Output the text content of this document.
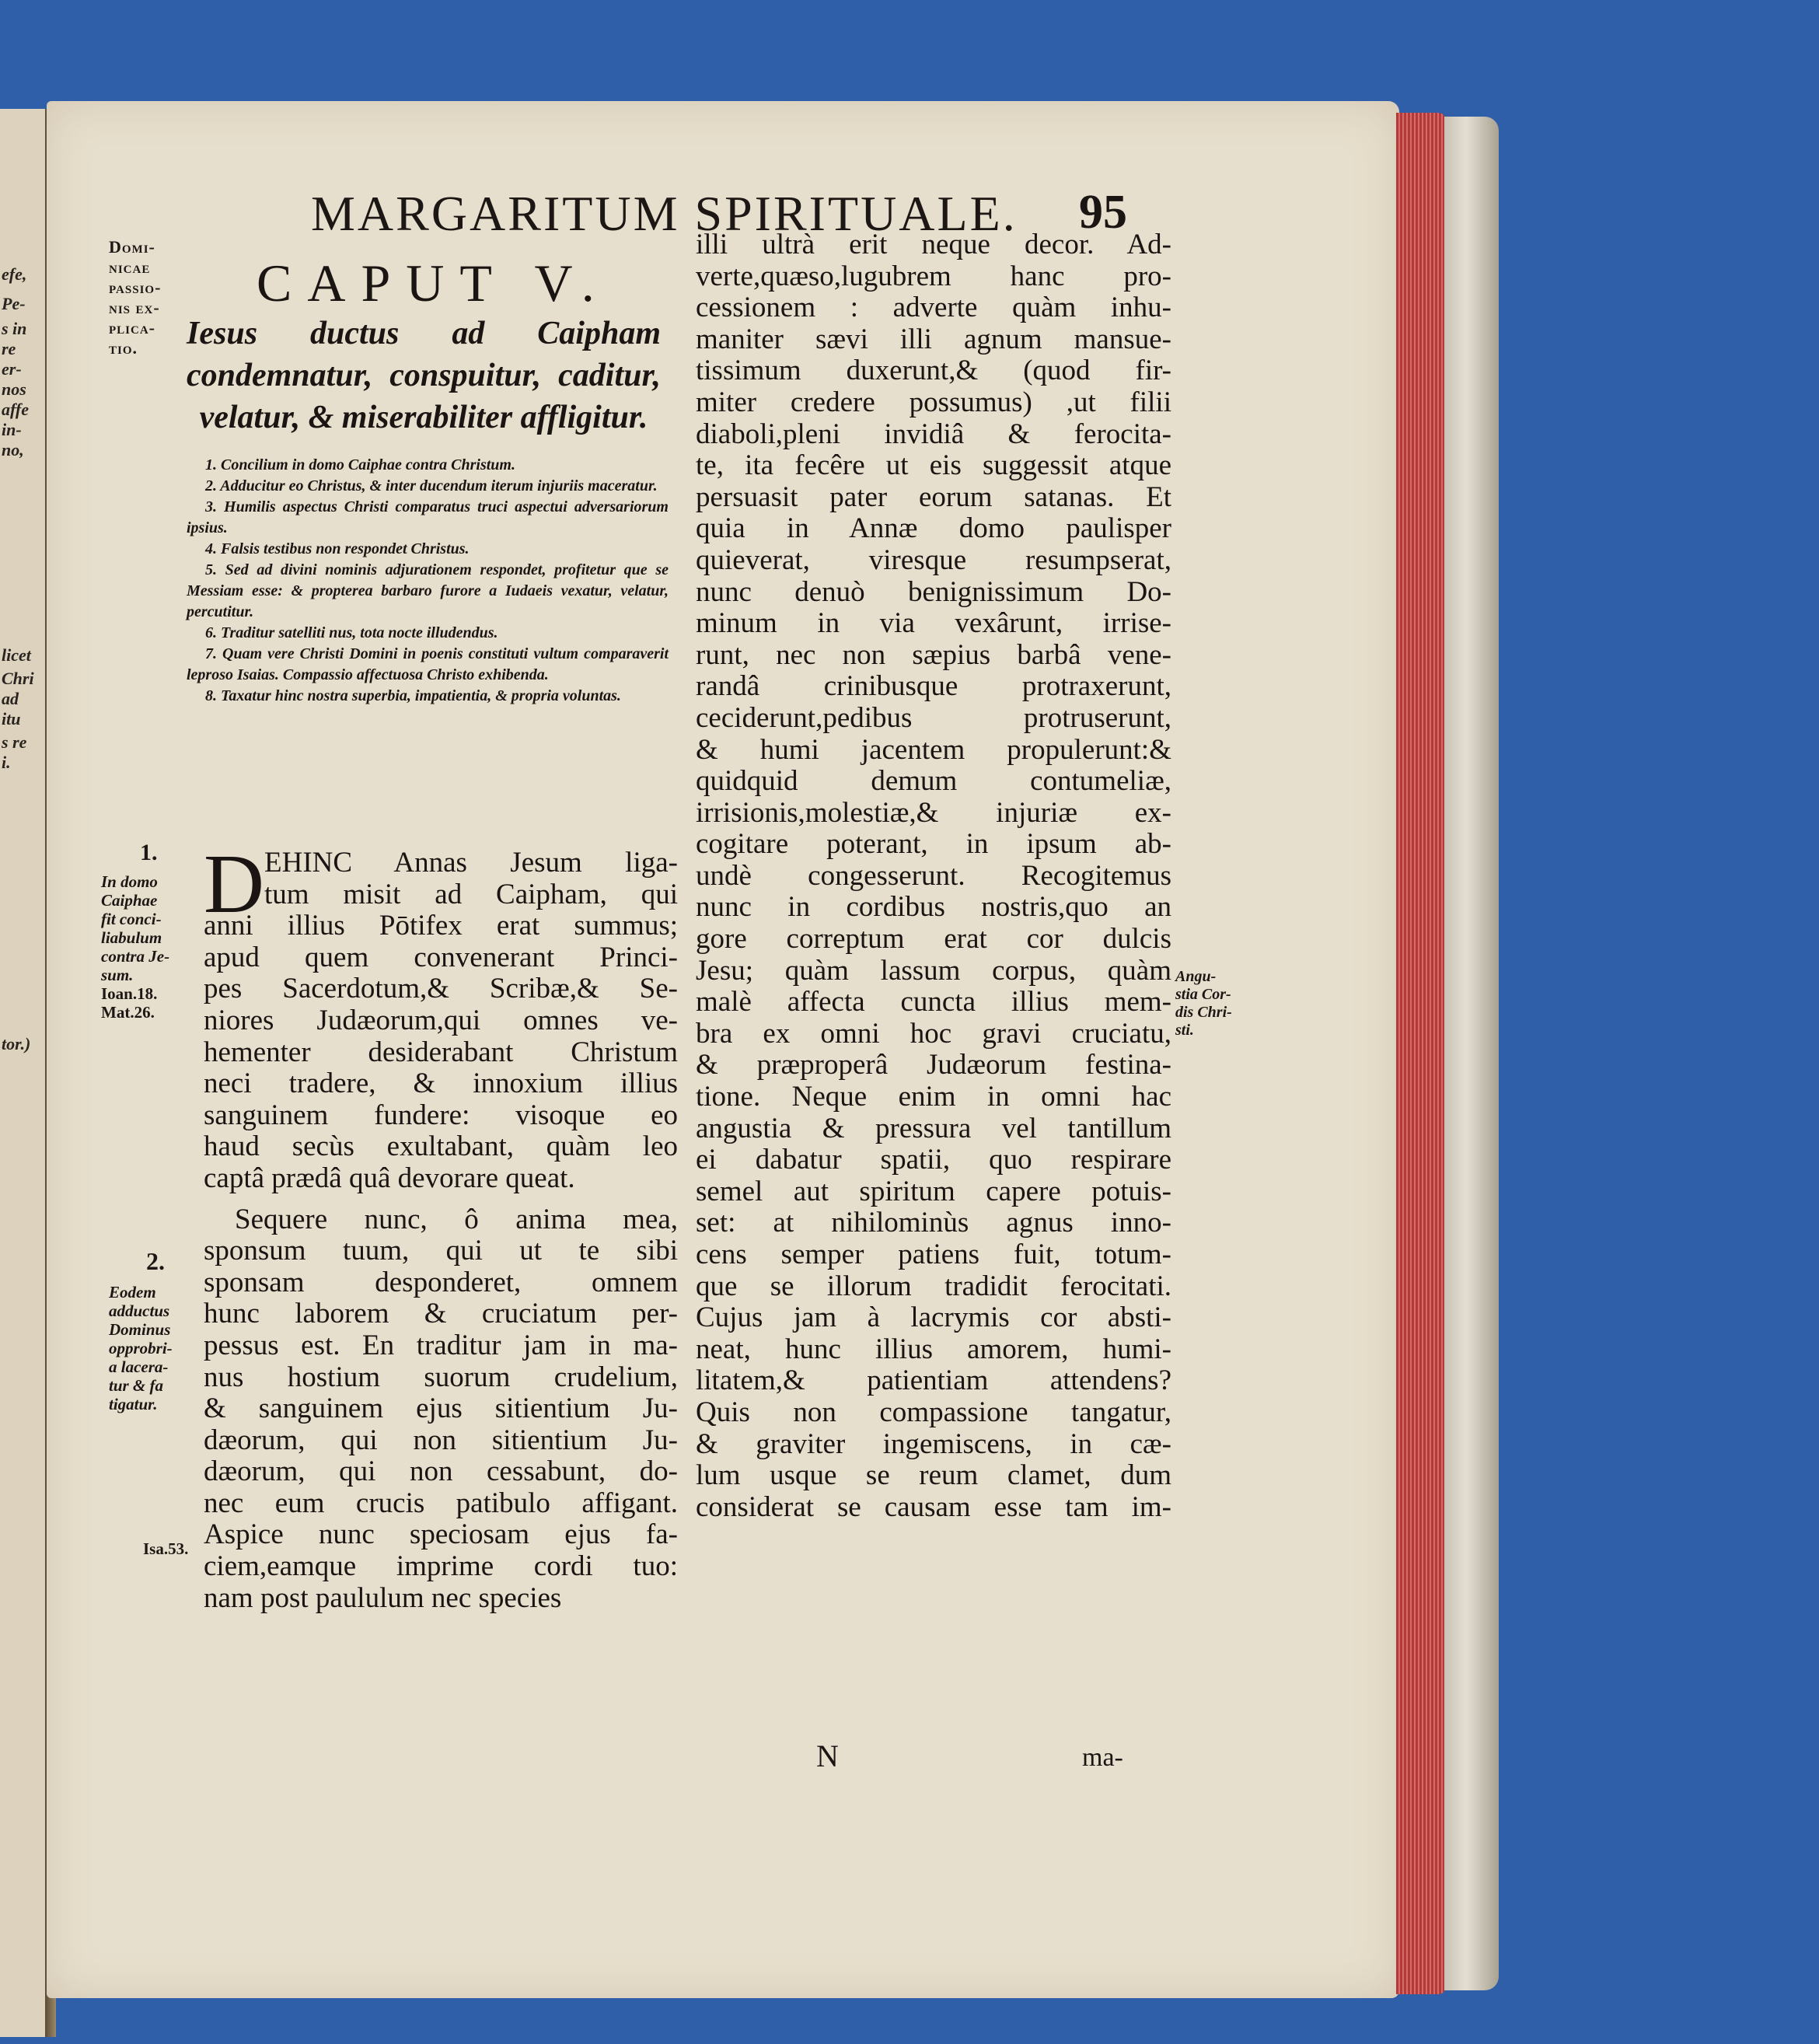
efe,
Pe-
s in
re
er-
nos
affe
in-
no,
licet
Chri
ad
itu
s re
i.
tor.)
MARGARITUM SPIRITUALE.	95
Domi-
nicae
passio-
nis ex-
plica-
tio.
CAPUT V.
Iesus ductus ad Caipham condemnatur, conspuitur, caditur, velatur, & miserabiliter affligitur.

1. Concilium in domo Caiphae contra Christum.

2. Adducitur eo Christus, & inter ducendum iterum injuriis maceratur.

3. Humilis aspectus Christi comparatus truci aspectui adversariorum ipsius.

4. Falsis testibus non respondet Christus.

5. Sed ad divini nominis adjurationem respondet, profitetur que se Messiam esse: & propterea barbaro furore a Iudaeis vexatur, velatur, percutitur.

6. Traditur satelliti nus, tota nocte illudendus.

7. Quam vere Christi Domini in poenis constituti vultum comparaverit leproso Isaias. Compassio affectuosa Christo exhibenda.

8. Taxatur hinc nostra superbia, impatientia, & propria voluntas.

1.
In domo
Caiphae
fit conci-
liabulum
contra Je-
sum.
Ioan.18.
Mat.26.
2.
Eodem
adductus
Dominus
opprobri-
a lacera-
tur & fa
tigatur.
Isa.53.
Angu-
stia Cor-
dis Chri-
sti.
D EHINC Annas Jesum liga-
tum misit ad Caipham, qui
anni illius Pōtifex erat summus;
apud quem convenerant Princi-
pes Sacerdotum,& Scribæ,& Se-
niores Judæorum,qui omnes ve-
hementer desiderabant Christum
neci tradere, & innoxium illius
sanguinem fundere: visoque eo
haud secùs exultabant, quàm leo
captâ prædâ quâ devorare queat.
Sequere nunc, ô anima mea,
sponsum tuum, qui ut te sibi
sponsam desponderet, omnem
hunc laborem & cruciatum per-
pessus est. En traditur jam in ma-
nus hostium suorum crudelium,
& sanguinem ejus sitientium Ju-
dæorum, qui non sitientium Ju-
dæorum, qui non cessabunt, do-
nec eum crucis patibulo affigant.
Aspice nunc speciosam ejus fa-
ciem,eamque imprime cordi tuo:
nam post paululum nec species
illi ultrà erit neque decor. Ad-
verte,quæso,lugubrem hanc pro-
cessionem : adverte quàm inhu-
maniter sævi illi agnum mansue-
tissimum duxerunt,& (quod fir-
miter credere possumus) ,ut filii
diaboli,pleni invidiâ & ferocita-
te, ita fecêre ut eis suggessit atque
persuasit pater eorum satanas. Et
quia in Annæ domo paulisper
quieverat, viresque resumpserat,
nunc denuò benignissimum Do-
minum in via vexârunt, irrise-
runt, nec non sæpius barbâ vene-
randâ crinibusque protraxerunt,
ceciderunt,pedibus protruserunt,
& humi jacentem propulerunt:&
quidquid demum contumeliæ,
irrisionis,molestiæ,& injuriæ ex-
cogitare poterant, in ipsum ab-
undè congesserunt. Recogitemus
nunc in cordibus nostris,quo an
gore correptum erat cor dulcis
Jesu; quàm lassum corpus, quàm
malè affecta cuncta illius mem-
bra ex omni hoc gravi cruciatu,
& præproperâ Judæorum festina-
tione. Neque enim in omni hac
angustia & pressura vel tantillum
ei dabatur spatii, quo respirare
semel aut spiritum capere potuis-
set: at nihilominùs agnus inno-
cens semper patiens fuit, totum-
que se illorum tradidit ferocitati.
Cujus jam à lacrymis cor absti-
neat, hunc illius amorem, humi-
litatem,& patientiam attendens?
Quis non compassione tangatur,
& graviter ingemiscens, in cæ-
lum usque se reum clamet, dum
considerat se causam esse tam im-
N	ma-
